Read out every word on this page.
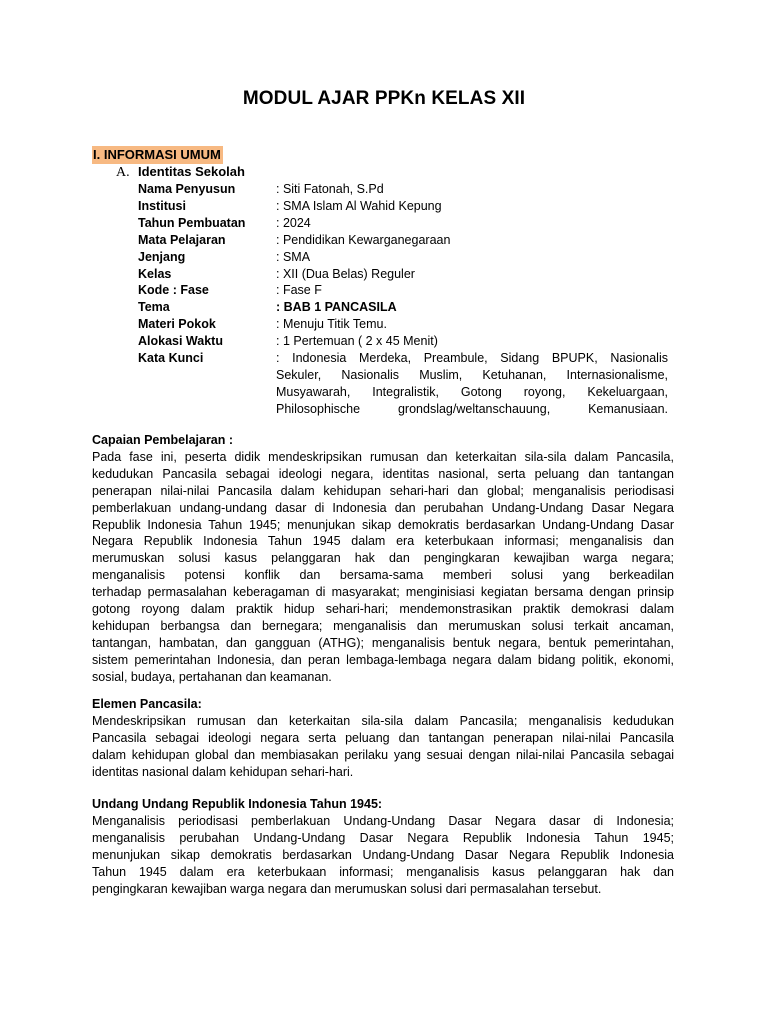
MODUL AJAR PPKn KELAS XII
I. INFORMASI UMUM
A. Identitas Sekolah
Nama Penyusun	: Siti Fatonah, S.Pd
Institusi	: SMA Islam Al Wahid Kepung
Tahun Pembuatan	: 2024
Mata Pelajaran	: Pendidikan Kewarganegaraan
Jenjang	: SMA
Kelas	: XII (Dua Belas) Reguler
Kode : Fase	: Fase F
Tema	: BAB 1 PANCASILA
Materi Pokok	: Menuju Titik Temu.
Alokasi Waktu	: 1 Pertemuan ( 2 x 45 Menit)
Kata Kunci	: Indonesia Merdeka, Preambule, Sidang BPUPK, Nasionalis
Sekuler, Nasionalis Muslim, Ketuhanan, Internasionalisme,
Musyawarah, Integralistik, Gotong royong, Kekeluargaan,
Philosophische grondslag/weltanschauung, Kemanusiaan.
Capaian Pembelajaran :
Pada fase ini, peserta didik mendeskripsikan rumusan dan keterkaitan sila-sila dalam Pancasila,
kedudukan Pancasila sebagai ideologi negara, identitas nasional, serta peluang dan tantangan
penerapan nilai-nilai Pancasila dalam kehidupan sehari-hari dan global; menganalisis periodisasi
pemberlakuan undang-undang dasar di Indonesia dan perubahan Undang-Undang Dasar Negara
Republik Indonesia Tahun 1945; menunjukan sikap demokratis berdasarkan Undang-Undang Dasar
Negara Republik Indonesia Tahun 1945 dalam era keterbukaan informasi; menganalisis dan
merumuskan solusi kasus pelanggaran hak dan pengingkaran kewajiban warga negara;
menganalisis potensi konflik dan bersama-sama memberi solusi yang berkeadilan
terhadap permasalahan keberagaman di masyarakat; menginisiasi kegiatan bersama dengan prinsip
gotong royong dalam praktik hidup sehari-hari; mendemonstrasikan praktik demokrasi dalam
kehidupan berbangsa dan bernegara; menganalisis dan merumuskan solusi terkait ancaman,
tantangan, hambatan, dan gangguan (ATHG); menganalisis bentuk negara, bentuk pemerintahan,
sistem pemerintahan Indonesia, dan peran lembaga-lembaga negara dalam bidang politik, ekonomi,
sosial, budaya, pertahanan dan keamanan.
Elemen Pancasila:
Mendeskripsikan rumusan dan keterkaitan sila-sila dalam Pancasila; menganalisis kedudukan
Pancasila sebagai ideologi negara serta peluang dan tantangan penerapan nilai-nilai Pancasila
dalam kehidupan global dan membiasakan perilaku yang sesuai dengan nilai-nilai Pancasila sebagai
identitas nasional dalam kehidupan sehari-hari.
Undang Undang Republik Indonesia Tahun 1945:
Menganalisis periodisasi pemberlakuan Undang-Undang Dasar Negara dasar di Indonesia;
menganalisis perubahan Undang-Undang Dasar Negara Republik Indonesia Tahun 1945;
menunjukan sikap demokratis berdasarkan Undang-Undang Dasar Negara Republik Indonesia
Tahun 1945 dalam era keterbukaan informasi; menganalisis kasus pelanggaran hak dan
pengingkaran kewajiban warga negara dan merumuskan solusi dari permasalahan tersebut.
